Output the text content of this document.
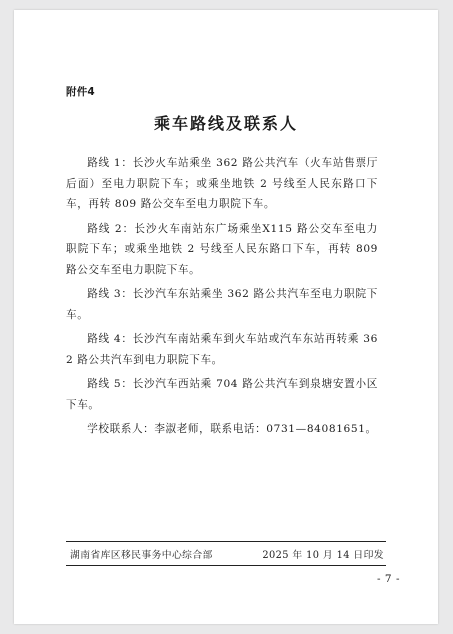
附件4
乘车路线及联系人

路线 1：长沙火车站乘坐 362 路公共汽车（火车站售票厅后面）至电力职院下车；或乘坐地铁 2 号线至人民东路口下车，再转 809 路公交车至电力职院下车。

路线 2：长沙火车南站东广场乘坐X115 路公交车至电力职院下车；或乘坐地铁 2 号线至人民东路口下车，再转 809 路公交车至电力职院下车。

路线 3：长沙汽车东站乘坐 362 路公共汽车至电力职院下车。

路线 4：长沙汽车南站乘车到火车站或汽车东站再转乘 362 路公共汽车到电力职院下车。

路线 5：长沙汽车西站乘 704 路公共汽车到泉塘安置小区下车。

学校联系人：李淑老师，联系电话：0731—84081651。

湖南省库区移民事务中心综合部	2025 年 10 月 14 日印发
- 7 -
